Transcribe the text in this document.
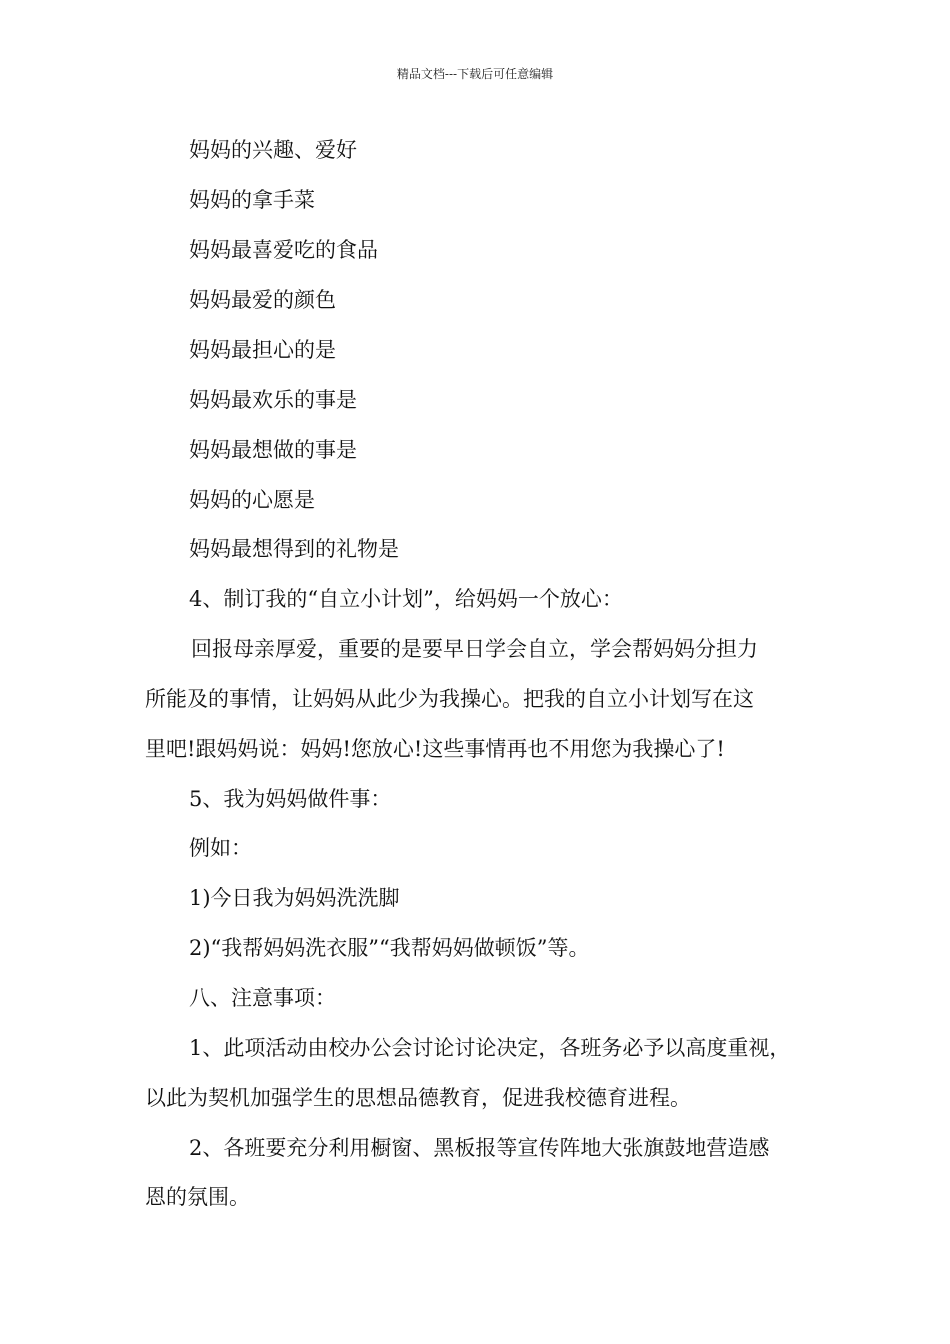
精品文档---下载后可任意编辑
妈妈的兴趣、爱好
妈妈的拿手菜
妈妈最喜爱吃的食品
妈妈最爱的颜色
妈妈最担心的是
妈妈最欢乐的事是
妈妈最想做的事是
妈妈的心愿是
妈妈最想得到的礼物是
4、制订我的“自立小计划”，给妈妈一个放心：
回报母亲厚爱，重要的是要早日学会自立，学会帮妈妈分担力
所能及的事情，让妈妈从此少为我操心。把我的自立小计划写在这
里吧!跟妈妈说：妈妈!您放心!这些事情再也不用您为我操心了!
5、我为妈妈做件事：
例如：
1)今日我为妈妈洗洗脚
2)“我帮妈妈洗衣服”“我帮妈妈做顿饭”等。
八、注意事项：
1、此项活动由校办公会讨论讨论决定，各班务必予以高度重视，
以此为契机加强学生的思想品德教育，促进我校德育进程。
2、各班要充分利用橱窗、黑板报等宣传阵地大张旗鼓地营造感
恩的氛围。
